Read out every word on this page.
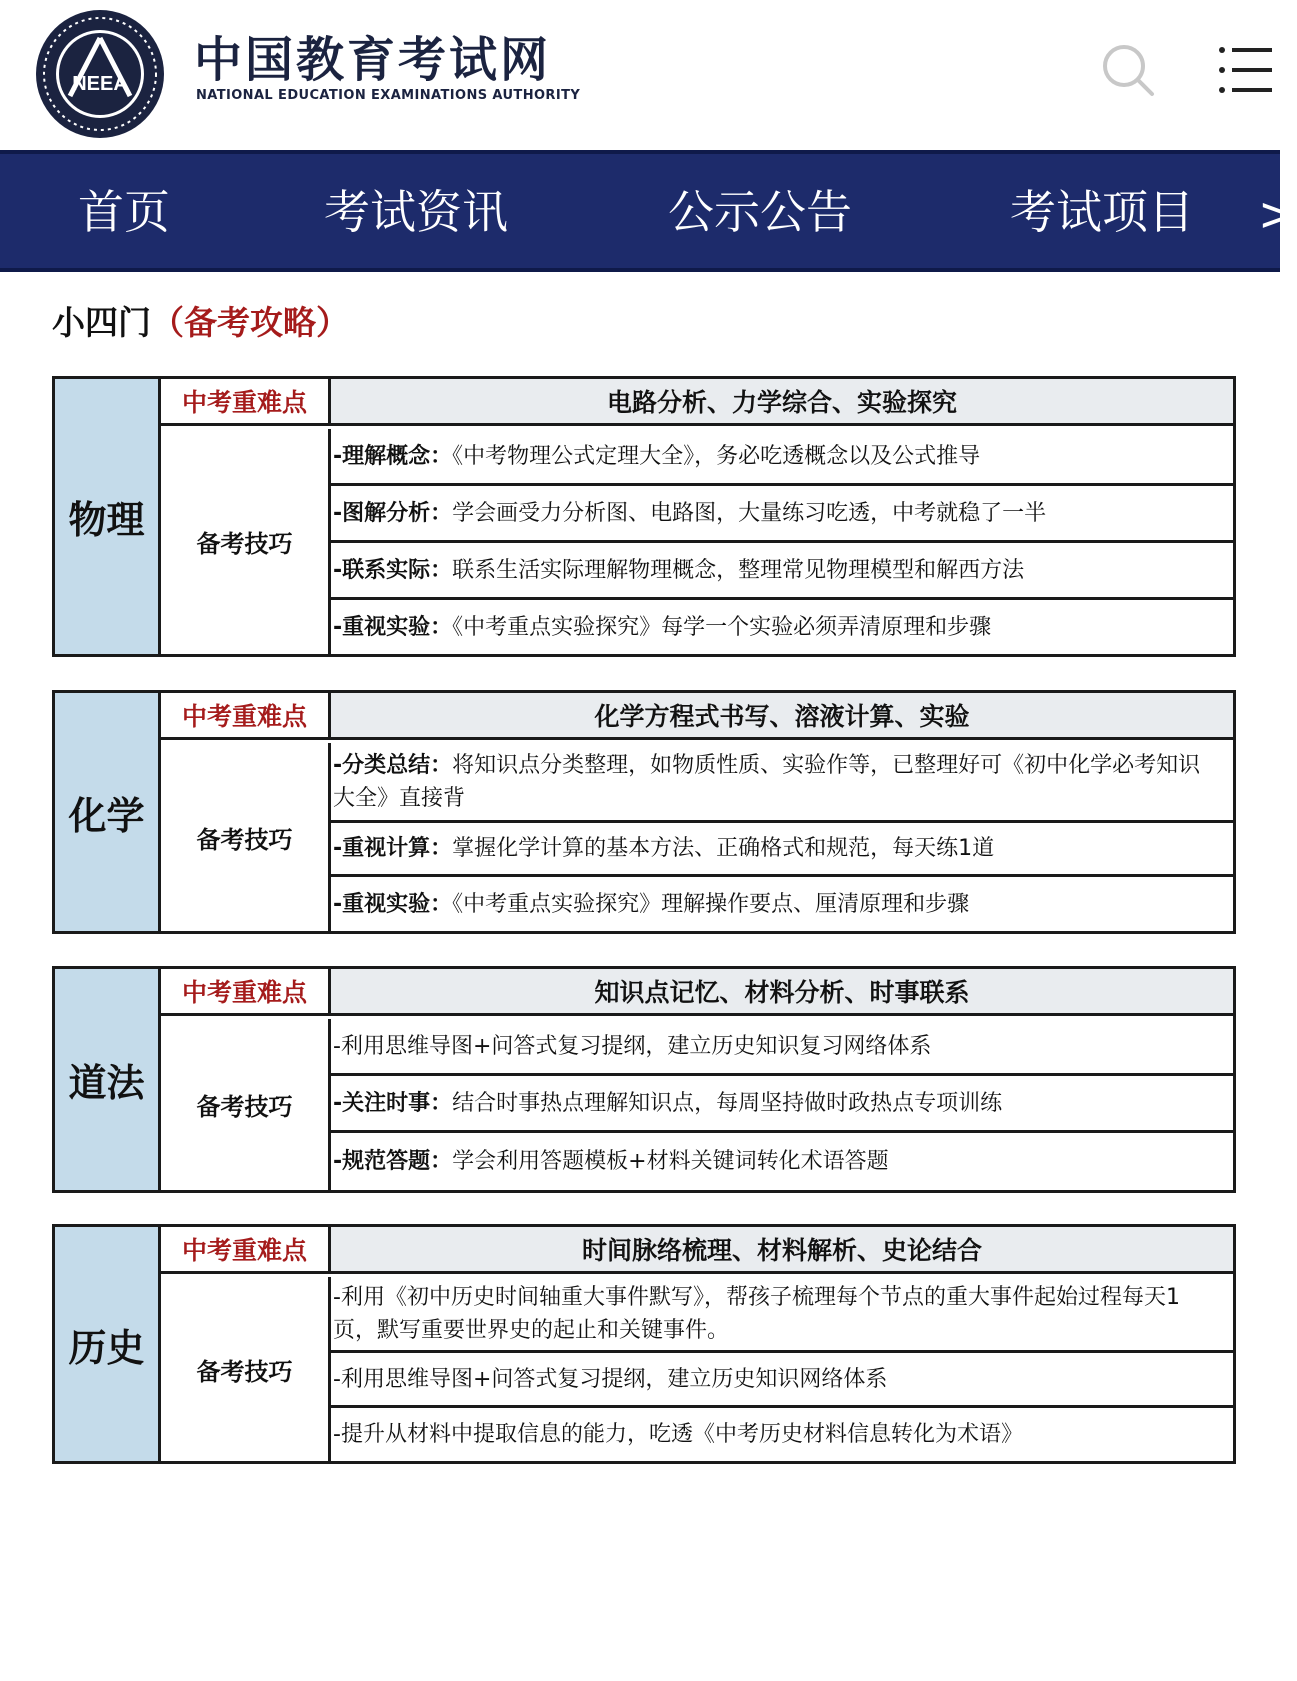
NEEA 中国教育考试网
NATIONAL EDUCATION EXAMINATIONS AUTHORITY
首页	考试资讯	公示公告	考试项目 >
小四门（备考攻略）
物理
中考重难点	电路分析、力学综合、实验探究
备考技巧
-理解概念：《中考物理公式定理大全》，务必吃透概念以及公式推导
-图解分析：学会画受力分析图、电路图，大量练习吃透，中考就稳了一半
-联系实际：联系生活实际理解物理概念，整理常见物理模型和解西方法
-重视实验：《中考重点实验探究》每学一个实验必须弄清原理和步骤
化学
中考重难点	化学方程式书写、溶液计算、实验
备考技巧
-分类总结：将知识点分类整理，如物质性质、实验作等，已整理好可《初中化学必考知识大全》直接背
-重视计算：掌握化学计算的基本方法、正确格式和规范，每天练1道
-重视实验：《中考重点实验探究》理解操作要点、厘清原理和步骤
道法
中考重难点	知识点记忆、材料分析、时事联系
备考技巧
-利用思维导图+问答式复习提纲，建立历史知识复习网络体系
-关注时事：结合时事热点理解知识点，每周坚持做时政热点专项训练
-规范答题：学会利用答题模板+材料关键词转化术语答题
历史
中考重难点	时间脉络梳理、材料解析、史论结合
备考技巧
-利用《初中历史时间轴重大事件默写》，帮孩子梳理每个节点的重大事件起始过程每天1页，默写重要世界史的起止和关键事件。
-利用思维导图+问答式复习提纲，建立历史知识网络体系
-提升从材料中提取信息的能力，吃透《中考历史材料信息转化为术语》
